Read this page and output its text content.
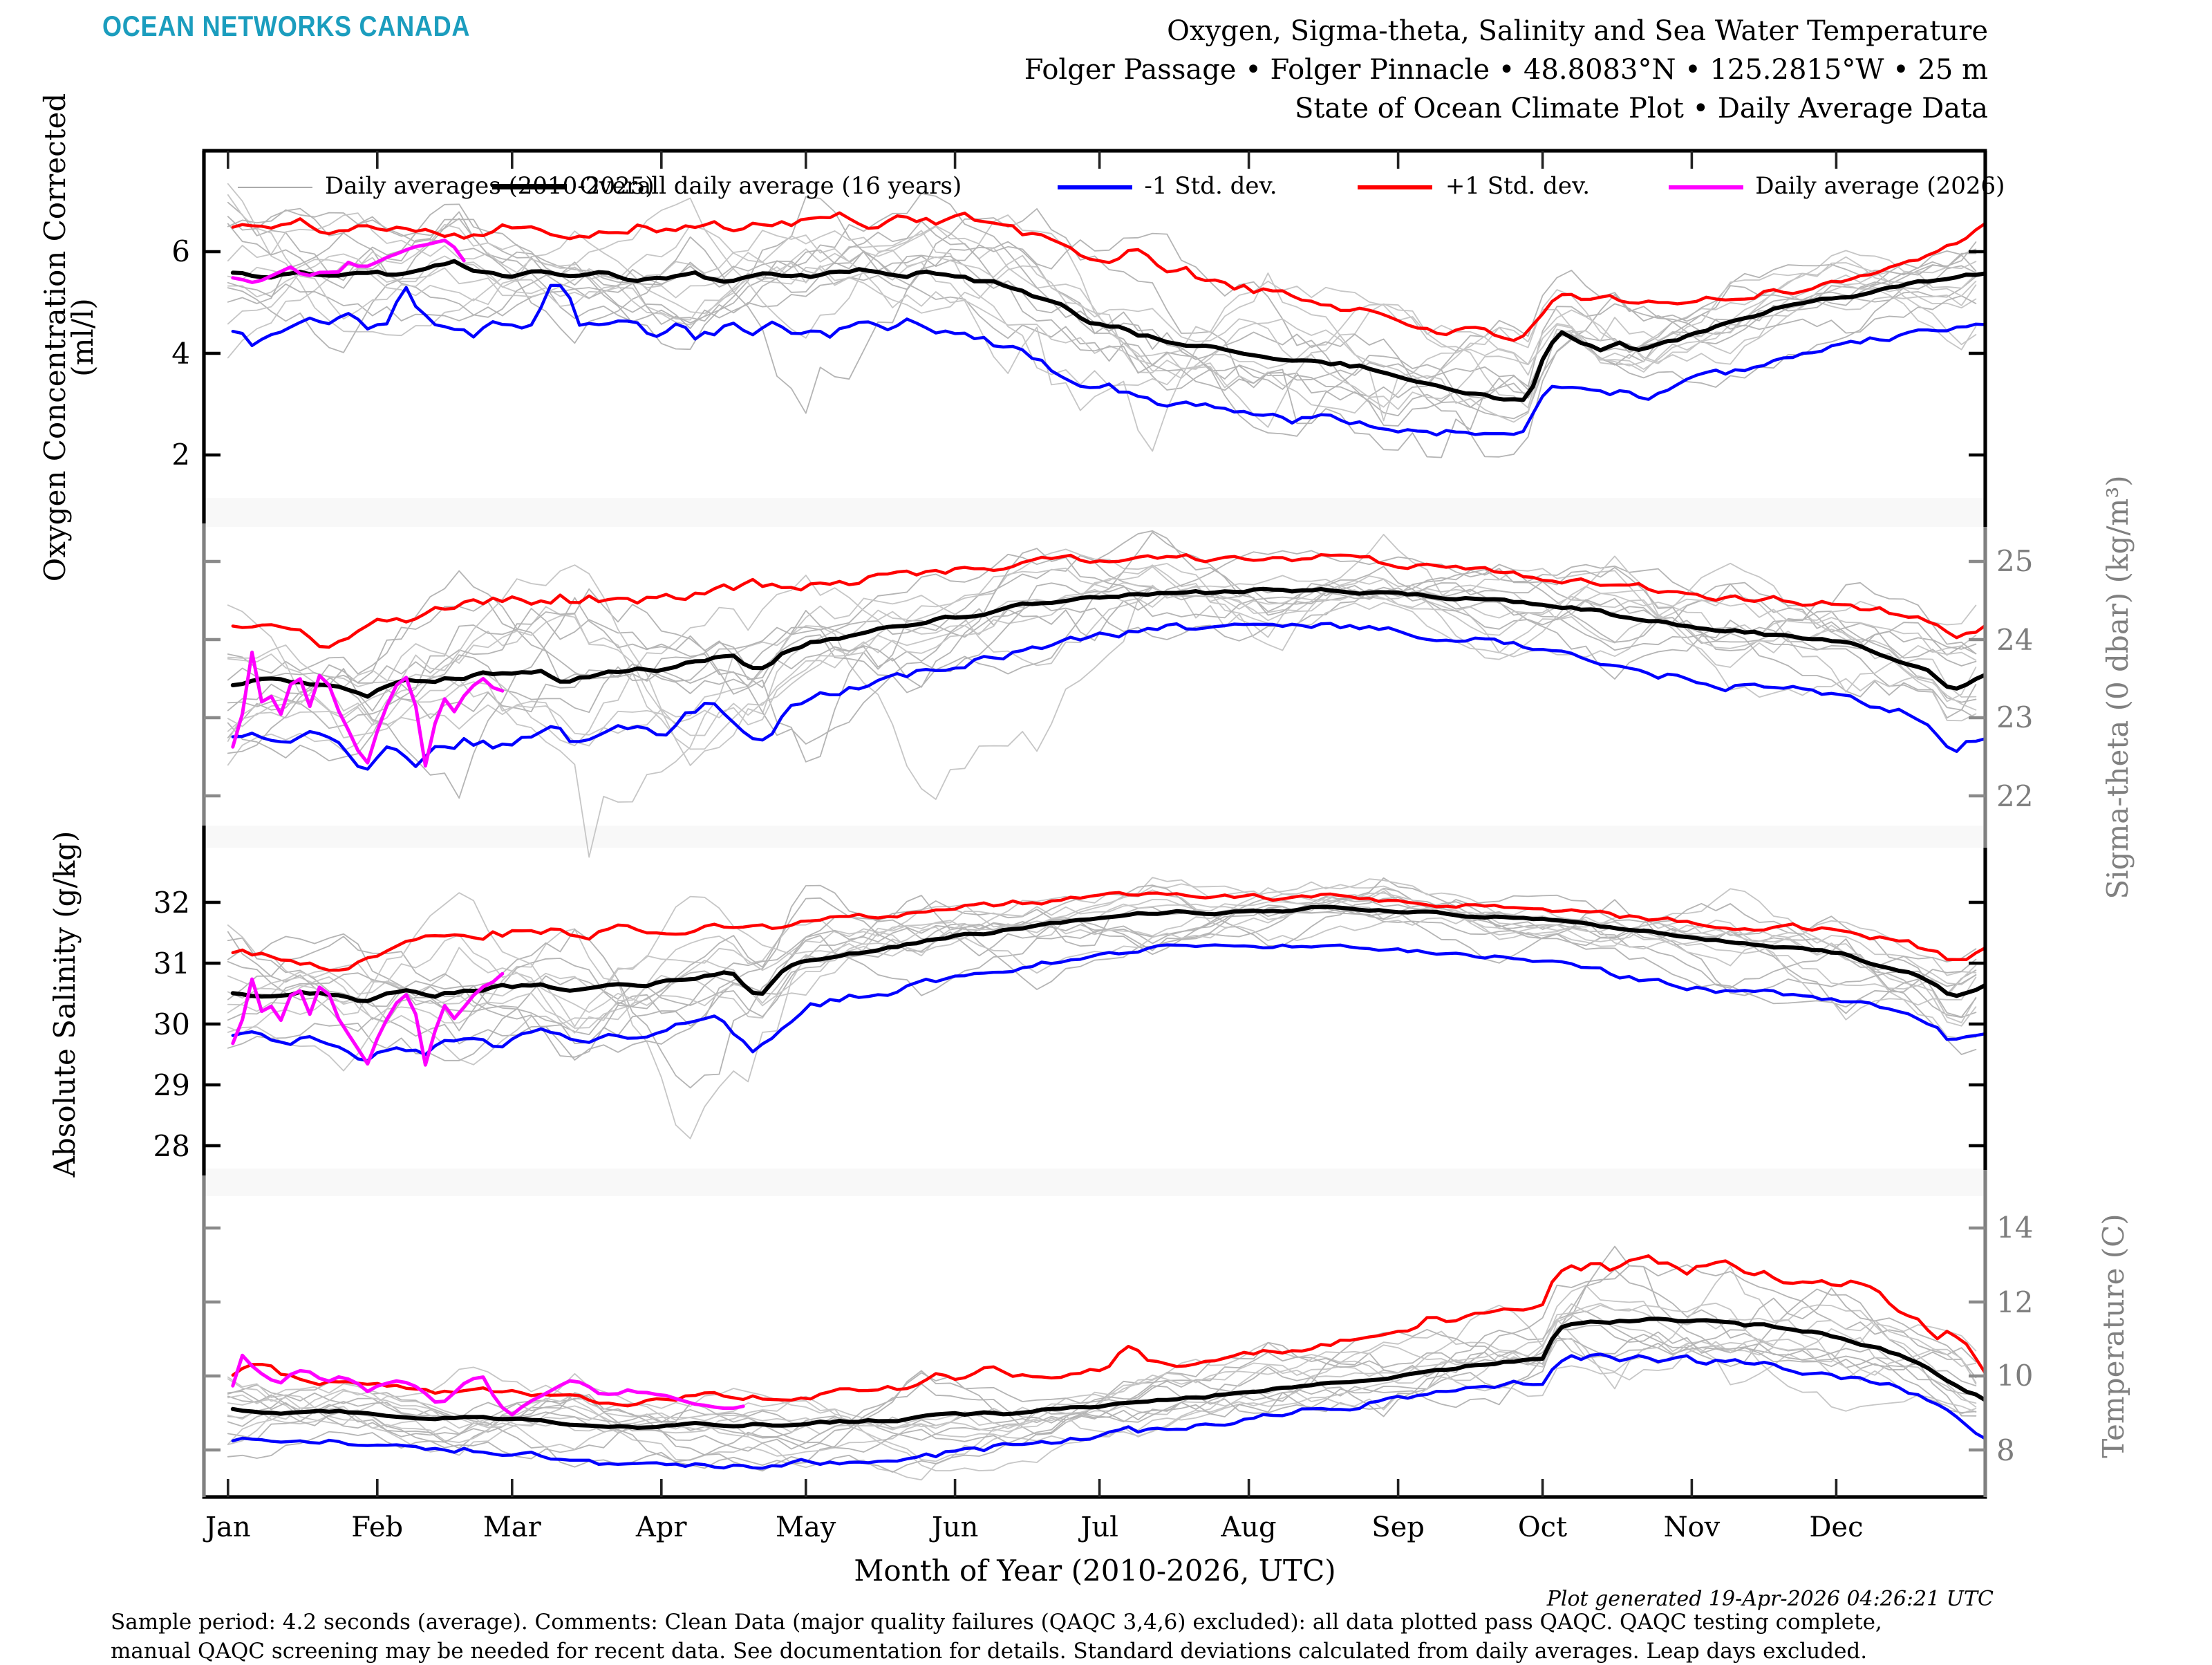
OCEAN NETWORKS CANADA	Oxygen, Sigma-theta, Salinity and Sea Water Temperature
Folger Passage • Folger Pinnacle • 48.8083°N • 125.2815°W • 25 m
State of Ocean Climate Plot • Daily Average Data
Oxygen Concentration Corrected
(ml/l)
Absolute Salinity (g/kg)
Sigma-theta (0 dbar) (kg/m³)
Temperature (C)
2
4
6
22
23
24
25
28
29
30
31
32
8
10
12
14
Jan	Feb	Mar	Apr	May	Jun	Jul	Aug	Sep	Oct	Nov	Dec
Daily averages (2010-2025)
Overall daily average (16 years)	-1 Std. dev.	+1 Std. dev.	Daily average (2026)
Month of Year (2010-2026, UTC)
Sample period: 4.2 seconds (average). Comments: Clean Data (major quality failures (QAQC 3,4,6) excluded): all data plotted pass QAQC. QAQC testing complete,
manual QAQC screening may be needed for recent data. See documentation for details. Standard deviations calculated from daily averages. Leap days excluded.
Plot generated 19-Apr-2026 04:26:21 UTC
